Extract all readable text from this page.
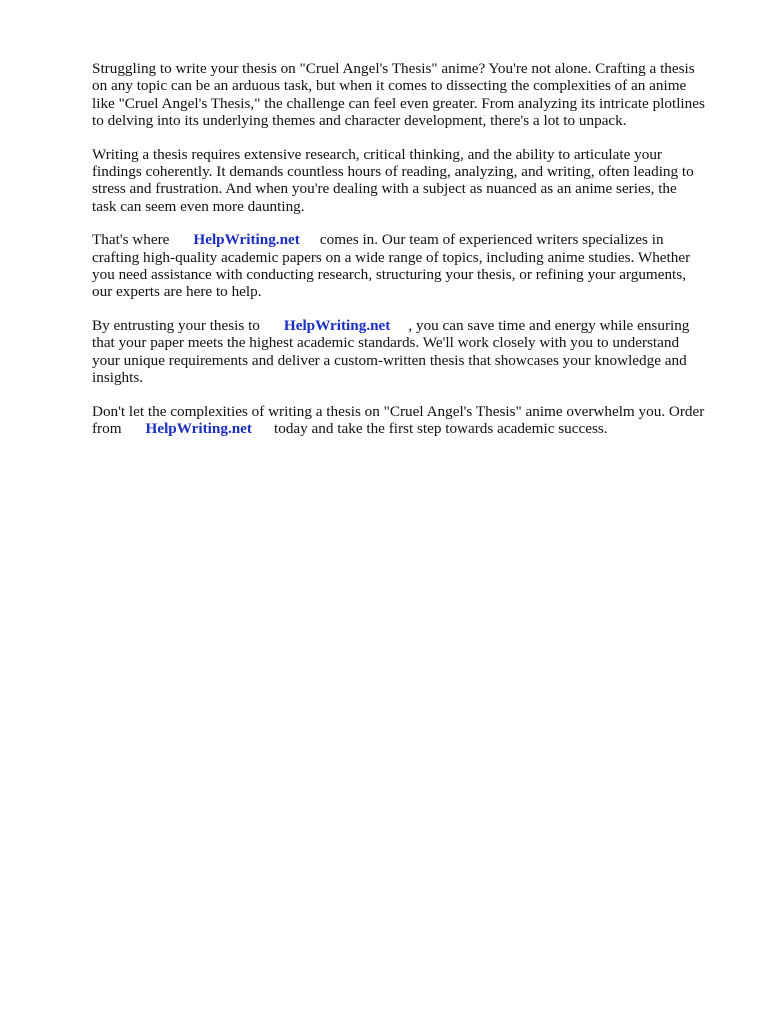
Struggling to write your thesis on "Cruel Angel's Thesis" anime? You're not alone. Crafting a thesis
on any topic can be an arduous task, but when it comes to dissecting the complexities of an anime
like "Cruel Angel's Thesis," the challenge can feel even greater. From analyzing its intricate plotlines
to delving into its underlying themes and character development, there's a lot to unpack.

Writing a thesis requires extensive research, critical thinking, and the ability to articulate your
findings coherently. It demands countless hours of reading, analyzing, and writing, often leading to
stress and frustration. And when you're dealing with a subject as nuanced as an anime series, the
task can seem even more daunting.

That's where HelpWriting.net comes in. Our team of experienced writers specializes in
crafting high-quality academic papers on a wide range of topics, including anime studies. Whether
you need assistance with conducting research, structuring your thesis, or refining your arguments,
our experts are here to help.

By entrusting your thesis to HelpWriting.net , you can save time and energy while ensuring
that your paper meets the highest academic standards. We'll work closely with you to understand
your unique requirements and deliver a custom-written thesis that showcases your knowledge and
insights.

Don't let the complexities of writing a thesis on "Cruel Angel's Thesis" anime overwhelm you. Order
from HelpWriting.net today and take the first step towards academic success.
